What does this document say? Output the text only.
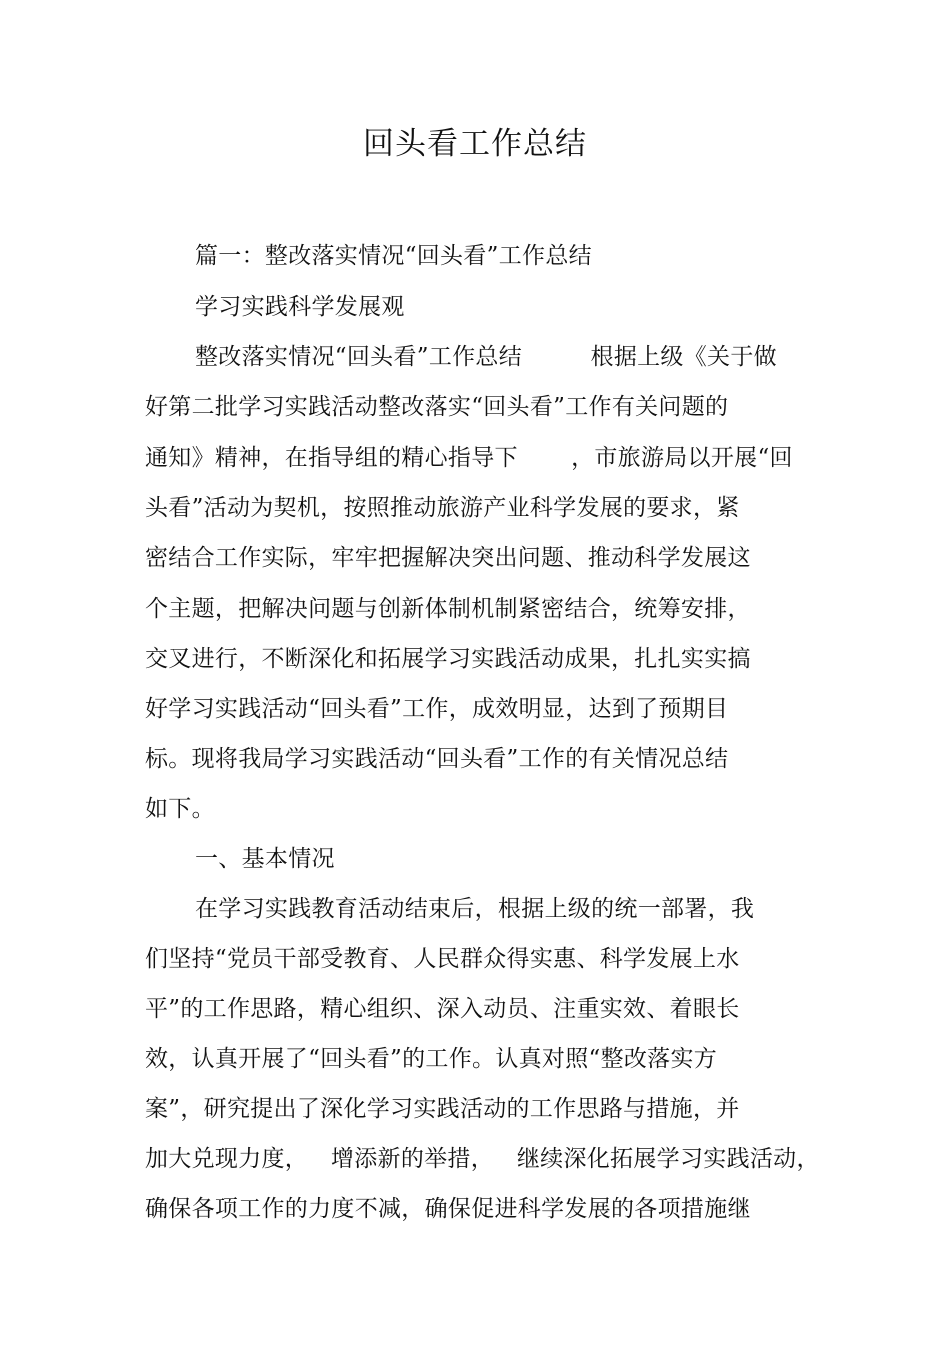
回头看工作总结
篇一：整改落实情况“回头看”工作总结
学习实践科学发展观
整改落实情况“回头看”工作总结         根据上级《关于做
好第二批学习实践活动整改落实“回头看”工作有关问题的
通知》精神，在指导组的精心指导下       ，市旅游局以开展“回
头看”活动为契机，按照推动旅游产业科学发展的要求，紧
密结合工作实际，牢牢把握解决突出问题、推动科学发展这
个主题，把解决问题与创新体制机制紧密结合，统筹安排，
交叉进行，不断深化和拓展学习实践活动成果，扎扎实实搞
好学习实践活动“回头看”工作，成效明显，达到了预期目
标。现将我局学习实践活动“回头看”工作的有关情况总结
如下。
一、基本情况
在学习实践教育活动结束后，根据上级的统一部署，我
们坚持“党员干部受教育、人民群众得实惠、科学发展上水
平”的工作思路，精心组织、深入动员、注重实效、着眼长
效，认真开展了“回头看”的工作。认真对照“整改落实方
案”，研究提出了深化学习实践活动的工作思路与措施，并
加大兑现力度，   增添新的举措，   继续深化拓展学习实践活动，
确保各项工作的力度不减，确保促进科学发展的各项措施继
